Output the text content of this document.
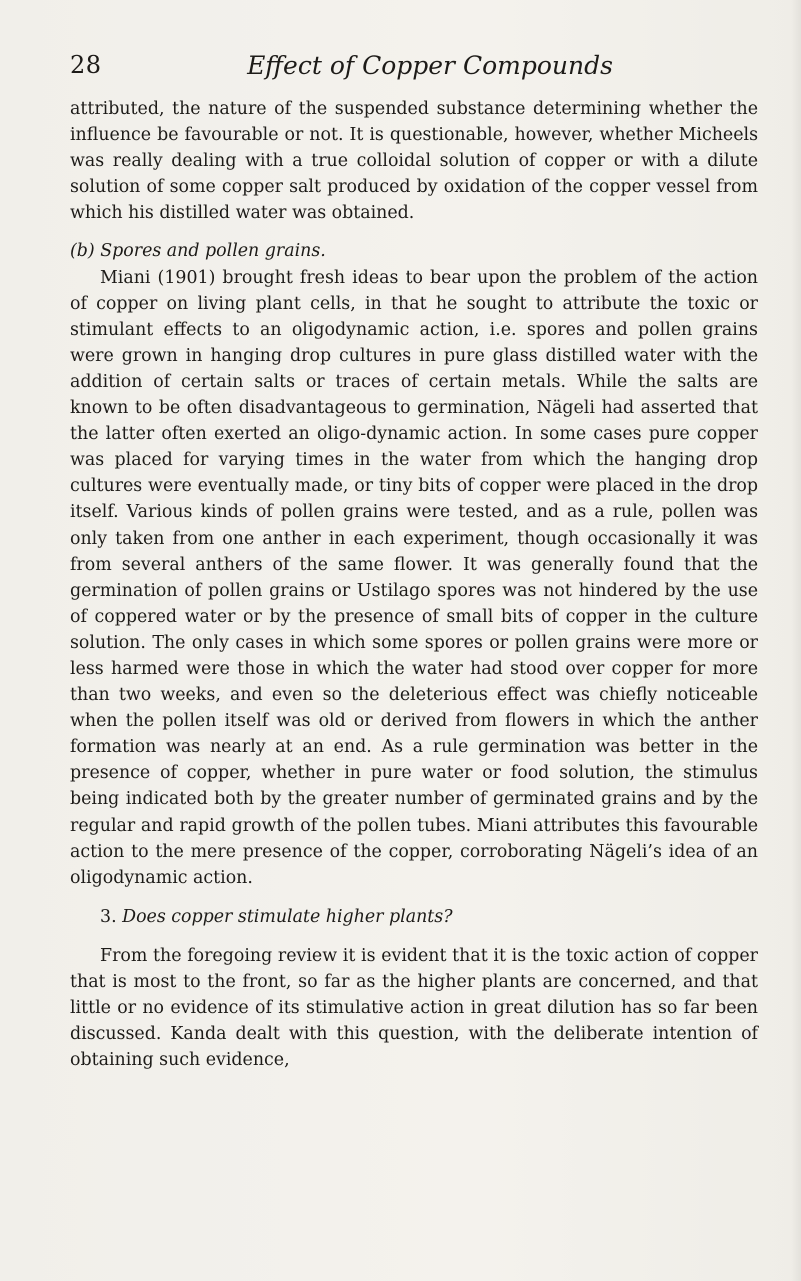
28	Effect of Copper Compounds

attributed, the nature of the suspended substance determining whether the influence be favourable or not. It is questionable, however, whether Micheels was really dealing with a true colloidal solution of copper or with a dilute solution of some copper salt produced by oxidation of the copper vessel from which his distilled water was obtained.

(b) Spores and pollen grains.

Miani (1901) brought fresh ideas to bear upon the problem of the action of copper on living plant cells, in that he sought to attribute the toxic or stimulant effects to an oligodynamic action, i.e. spores and pollen grains were grown in hanging drop cultures in pure glass distilled water with the addition of certain salts or traces of certain metals. While the salts are known to be often disadvantageous to germination, Nägeli had asserted that the latter often exerted an oligo-dynamic action. In some cases pure copper was placed for varying times in the water from which the hanging drop cultures were eventually made, or tiny bits of copper were placed in the drop itself. Various kinds of pollen grains were tested, and as a rule, pollen was only taken from one anther in each experiment, though occasionally it was from several anthers of the same flower. It was generally found that the germination of pollen grains or Ustilago spores was not hindered by the use of coppered water or by the presence of small bits of copper in the culture solution. The only cases in which some spores or pollen grains were more or less harmed were those in which the water had stood over copper for more than two weeks, and even so the deleterious effect was chiefly noticeable when the pollen itself was old or derived from flowers in which the anther formation was nearly at an end. As a rule germination was better in the presence of copper, whether in pure water or food solution, the stimulus being indicated both by the greater number of germinated grains and by the regular and rapid growth of the pollen tubes. Miani attributes this favourable action to the mere presence of the copper, corroborating Nägeli’s idea of an oligodynamic action.

3. Does copper stimulate higher plants?

From the foregoing review it is evident that it is the toxic action of copper that is most to the front, so far as the higher plants are concerned, and that little or no evidence of its stimulative action in great dilution has so far been discussed. Kanda dealt with this question, with the deliberate intention of obtaining such evidence,
